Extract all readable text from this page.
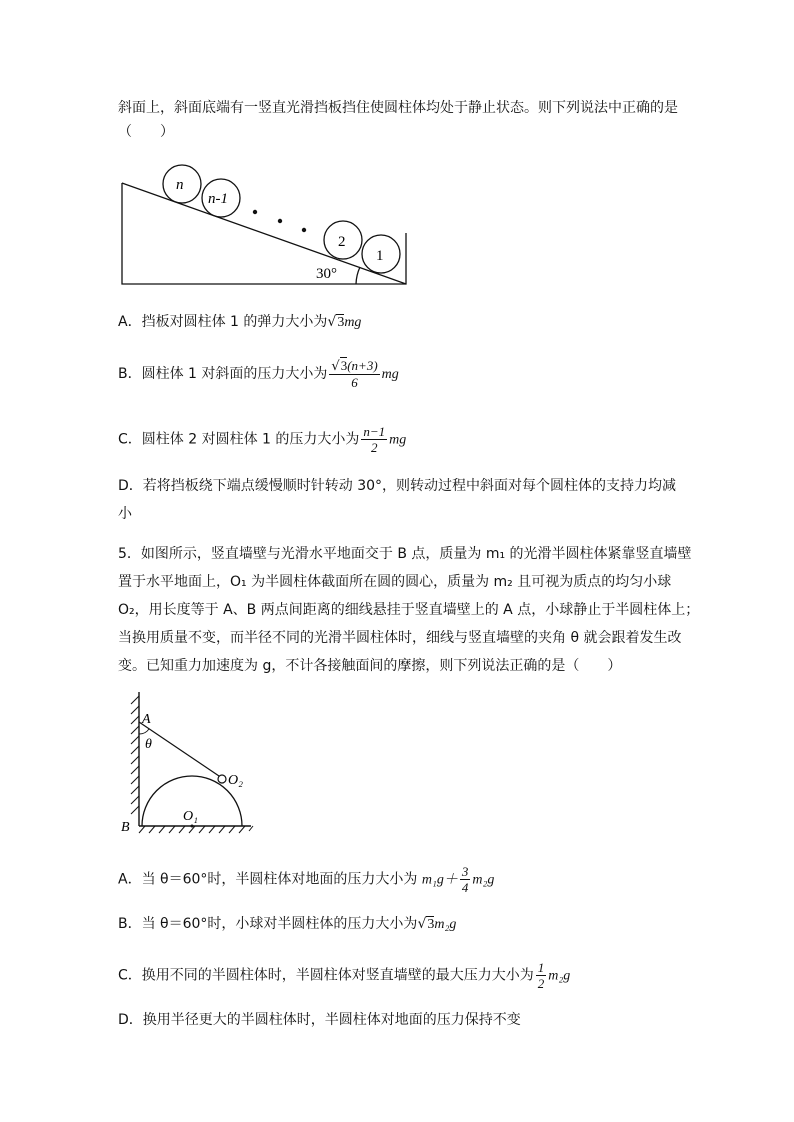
斜面上，斜面底端有一竖直光滑挡板挡住使圆柱体均处于静止状态。则下列说法中正确的是
（　　）
n
n-1
2
1
30°
A．挡板对圆柱体 1 的弹力大小为√3mg
B．圆柱体 1 对斜面的压力大小为 $\frac{√3(n+3)}{6}$ mg
C．圆柱体 2 对圆柱体 1 的压力大小为 $\frac{n-1}{2}$ mg
D．若将挡板绕下端点缓慢顺时针转动 30°，则转动过程中斜面对每个圆柱体的支持力均减
小
5．如图所示，竖直墙壁与光滑水平地面交于 B 点，质量为 m₁ 的光滑半圆柱体紧靠竖直墙壁
置于水平地面上，O₁ 为半圆柱体截面所在圆的圆心，质量为 m₂ 且可视为质点的均匀小球
O₂，用长度等于 A、B 两点间距离的细线悬挂于竖直墙壁上的 A 点，小球静止于半圆柱体上；
当换用质量不变，而半径不同的光滑半圆柱体时，细线与竖直墙壁的夹角 θ 就会跟着发生改
变。已知重力加速度为 g，不计各接触面间的摩擦，则下列说法正确的是（　　）
A
θ
O₂
O₁
B
A．当 θ＝60°时，半圆柱体对地面的压力大小为 $m_1g+ \frac{3}{4} m_2g$
B．当 θ＝60°时，小球对半圆柱体的压力大小为√3m₂g
C．换用不同的半圆柱体时，半圆柱体对竖直墙壁的最大压力大小为 $\frac{1}{2} m_2g$
D．换用半径更大的半圆柱体时，半圆柱体对地面的压力保持不变
